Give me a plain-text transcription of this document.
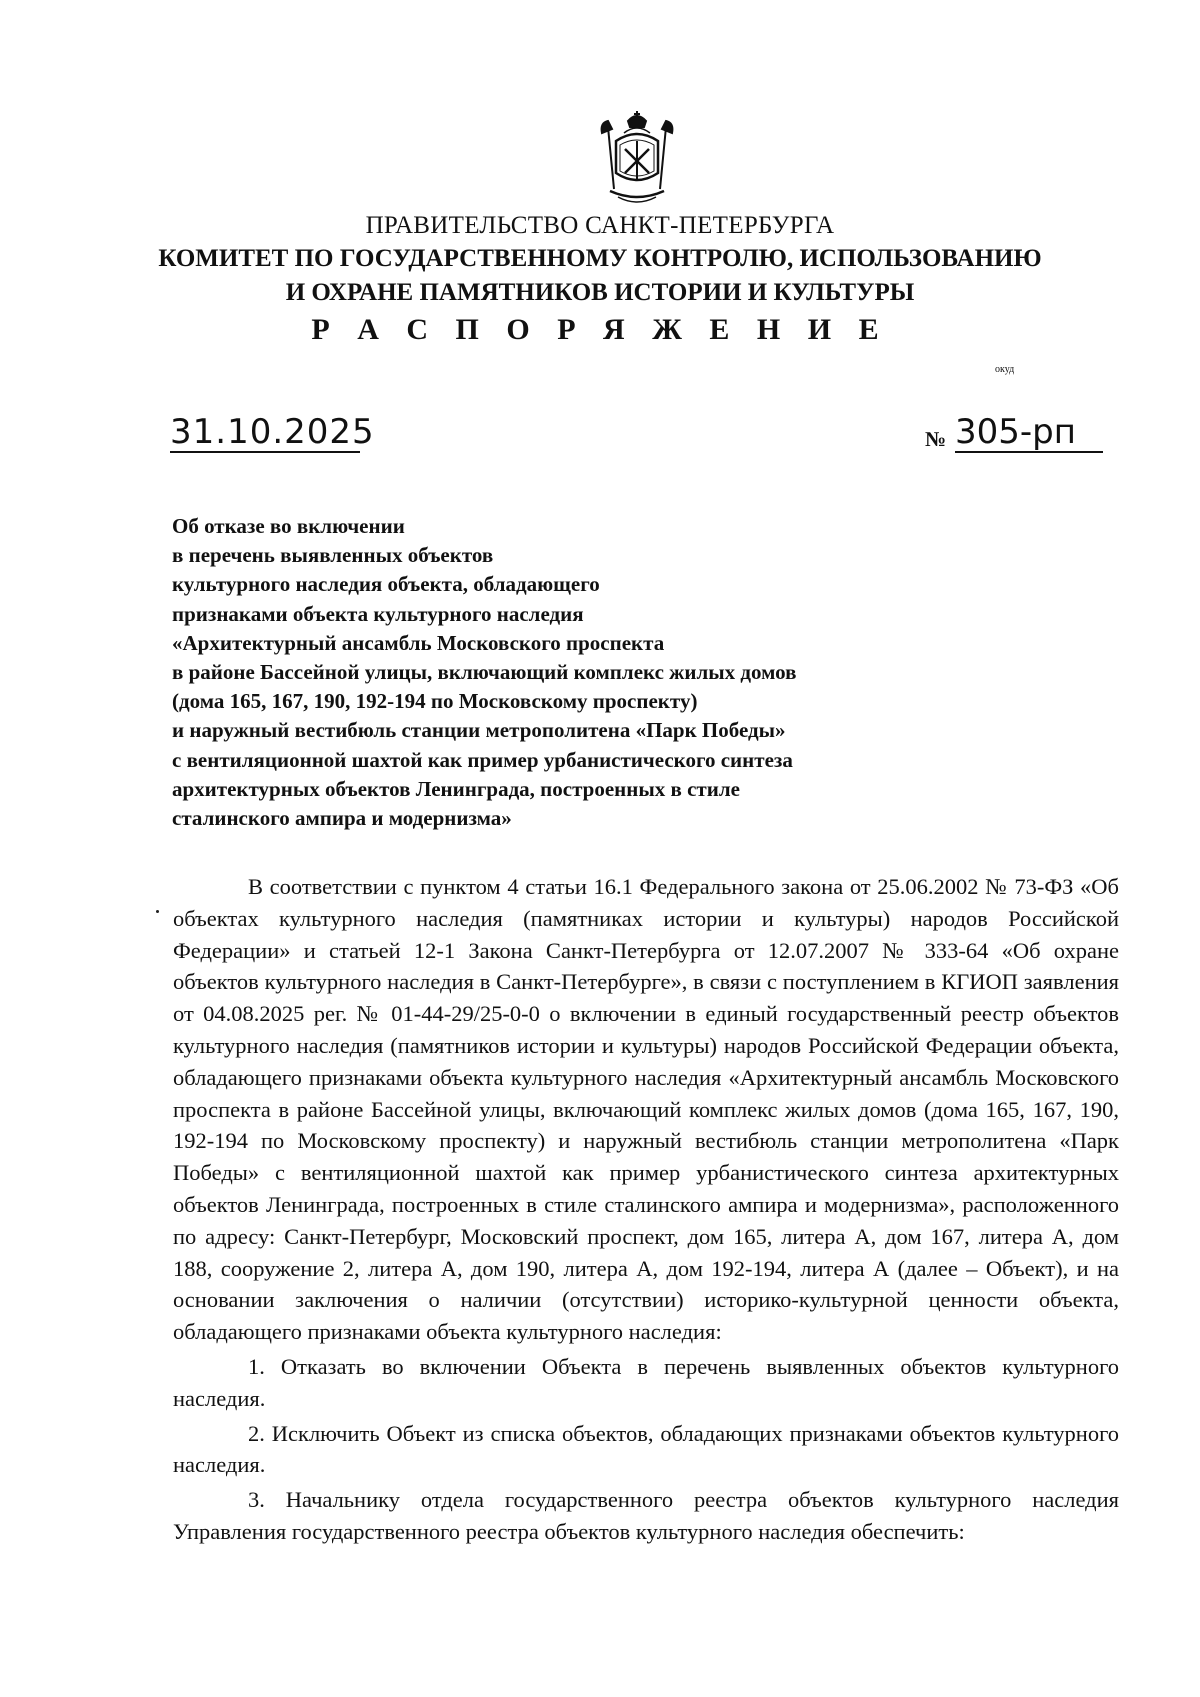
ПРАВИТЕЛЬСТВО САНКТ-ПЕТЕРБУРГА
КОМИТЕТ ПО ГОСУДАРСТВЕННОМУ КОНТРОЛЮ, ИСПОЛЬЗОВАНИЮ
И ОХРАНЕ ПАМЯТНИКОВ ИСТОРИИ И КУЛЬТУРЫ
Р А С П О Р Я Ж Е Н И Е
окуд
31.10.2025	№ 305-рп
Об отказе во включении
в перечень выявленных объектов
культурного наследия объекта, обладающего
признаками объекта культурного наследия
«Архитектурный ансамбль Московского проспекта
в районе Бассейной улицы, включающий комплекс жилых домов
(дома 165, 167, 190, 192-194 по Московскому проспекту)
и наружный вестибюль станции метрополитена «Парк Победы»
с вентиляционной шахтой как пример урбанистического синтеза
архитектурных объектов Ленинграда, построенных в стиле
сталинского ампира и модернизма»

В соответствии с пунктом 4 статьи 16.1 Федерального закона от 25.06.2002 № 73-ФЗ «Об объектах культурного наследия (памятниках истории и культуры) народов Российской Федерации» и статьей 12-1 Закона Санкт-Петербурга от 12.07.2007 № 333-64 «Об охране объектов культурного наследия в Санкт-Петербурге», в связи с поступлением в КГИОП заявления от 04.08.2025 рег. № 01-44-29/25-0-0 о включении в единый государственный реестр объектов культурного наследия (памятников истории и культуры) народов Российской Федерации объекта, обладающего признаками объекта культурного наследия «Архитектурный ансамбль Московского проспекта в районе Бассейной улицы, включающий комплекс жилых домов (дома 165, 167, 190, 192-194 по Московскому проспекту) и наружный вестибюль станции метрополитена «Парк Победы» с вентиляционной шахтой как пример урбанистического синтеза архитектурных объектов Ленинграда, построенных в стиле сталинского ампира и модернизма», расположенного по адресу: Санкт-Петербург, Московский проспект, дом 165, литера А, дом 167, литера А, дом 188, сооружение 2, литера А, дом 190, литера А, дом 192-194, литера А (далее – Объект), и на основании заключения о наличии (отсутствии) историко-культурной ценности объекта, обладающего признаками объекта культурного наследия:

1. Отказать во включении Объекта в перечень выявленных объектов культурного наследия.

2. Исключить Объект из списка объектов, обладающих признаками объектов культурного наследия.

3. Начальнику отдела государственного реестра объектов культурного наследия Управления государственного реестра объектов культурного наследия обеспечить:
